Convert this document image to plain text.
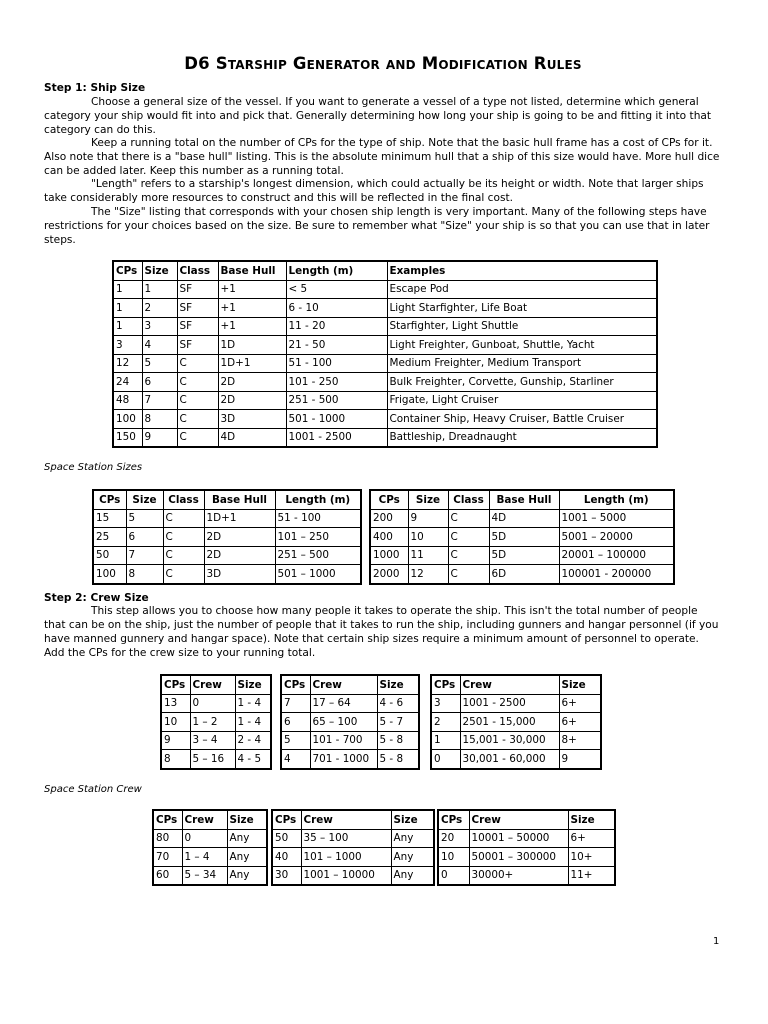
D6 Starship Generator and Modification Rules
Step 1: Ship Size

Choose a general size of the vessel. If you want to generate a vessel of a type not listed, determine which general category your ship would fit into and pick that. Generally determining how long your ship is going to be and fitting it into that category can do this.

Keep a running total on the number of CPs for the type of ship. Note that the basic hull frame has a cost of CPs for it. Also note that there is a "base hull" listing. This is the absolute minimum hull that a ship of this size would have. More hull dice can be added later. Keep this number as a running total.

"Length" refers to a starship's longest dimension, which could actually be its height or width. Note that larger ships take considerably more resources to construct and this will be reflected in the final cost.

The "Size" listing that corresponds with your chosen ship length is very important. Many of the following steps have restrictions for your choices based on the size. Be sure to remember what "Size" your ship is so that you can use that in later steps.

CPs	Size	Class	Base Hull	Length (m)	Examples
1	1	SF	+1	< 5	Escape Pod
1	2	SF	+1	6 - 10	Light Starfighter, Life Boat
1	3	SF	+1	11 - 20	Starfighter, Light Shuttle
3	4	SF	1D	21 - 50	Light Freighter, Gunboat, Shuttle, Yacht
12	5	C	1D+1	51 - 100	Medium Freighter, Medium Transport
24	6	C	2D	101 - 250	Bulk Freighter, Corvette, Gunship, Starliner
48	7	C	2D	251 - 500	Frigate, Light Cruiser
100	8	C	3D	501 - 1000	Container Ship, Heavy Cruiser, Battle Cruiser
150	9	C	4D	1001 - 2500	Battleship, Dreadnaught
Space Station Sizes
CPs	Size	Class	Base Hull	Length (m)
15	5	C	1D+1	51 - 100
25	6	C	2D	101 – 250
50	7	C	2D	251 – 500
100	8	C	3D	501 – 1000
CPs	Size	Class	Base Hull	Length (m)
200	9	C	4D	1001 – 5000
400	10	C	5D	5001 – 20000
1000	11	C	5D	20001 – 100000
2000	12	C	6D	100001 - 200000
Step 2: Crew Size

This step allows you to choose how many people it takes to operate the ship. This isn't the total number of people that can be on the ship, just the number of people that it takes to run the ship, including gunners and hangar personnel (if you have manned gunnery and hangar space). Note that certain ship sizes require a minimum amount of personnel to operate. Add the CPs for the crew size to your running total.

CPs	Crew	Size
13	0	1 - 4
10	1 – 2	1 - 4
9	3 – 4	2 - 4
8	5 – 16	4 - 5
CPs	Crew	Size
7	17 – 64	4 - 6
6	65 – 100	5 - 7
5	101 - 700	5 - 8
4	701 - 1000	5 - 8
CPs	Crew	Size
3	1001 - 2500	6+
2	2501 - 15,000	6+
1	15,001 - 30,000	8+
0	30,001 - 60,000	9
Space Station Crew
CPs	Crew	Size
80	0	Any
70	1 – 4	Any
60	5 – 34	Any
CPs	Crew	Size
50	35 – 100	Any
40	101 – 1000	Any
30	1001 – 10000	Any
CPs	Crew	Size
20	10001 – 50000	6+
10	50001 – 300000	10+
0	30000+	11+
1
